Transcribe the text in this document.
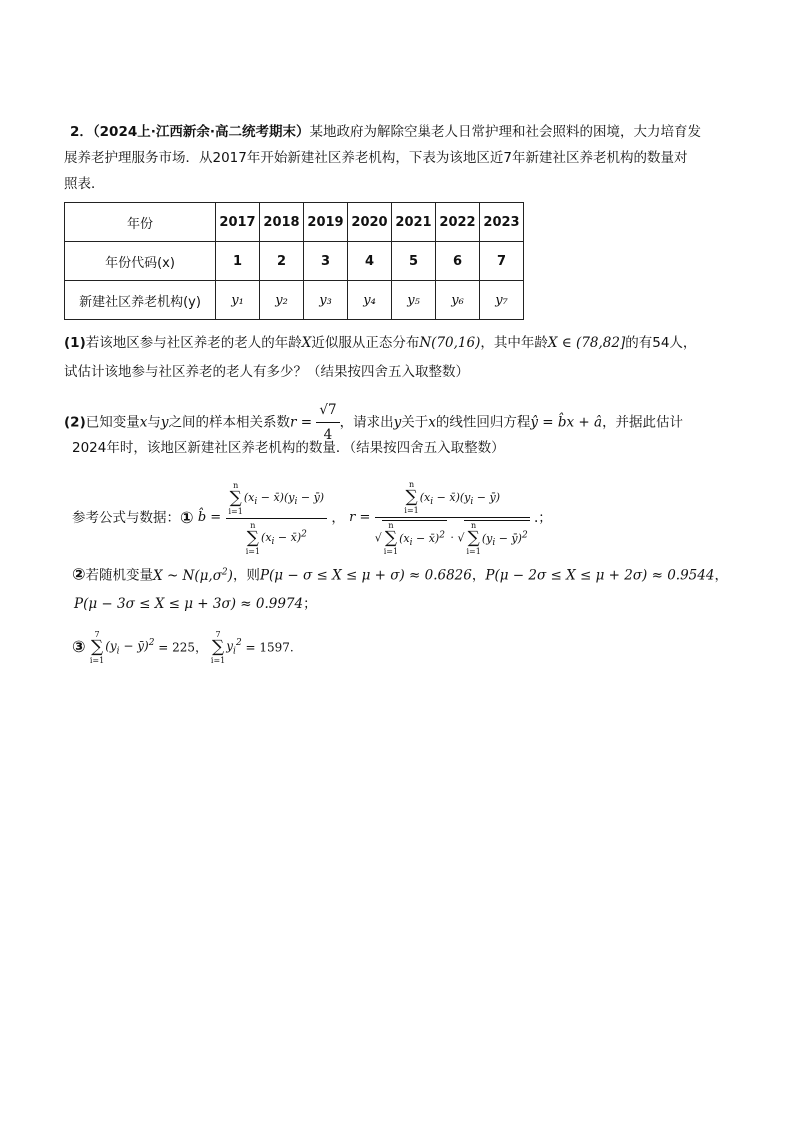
2．（2024上·江西新余·高二统考期末）某地政府为解除空巢老人日常护理和社会照料的困境，大力培育发
展养老护理服务市场．从2017年开始新建社区养老机构，下表为该地区近7年新建社区养老机构的数量对
照表．
年份	2017	2018	2019	2020	2021	2022	2023
年份代码(x)	1	2	3	4	5	6	7
新建社区养老机构(y)	y₁	y₂	y₃	y₄	y₅	y₆	y₇
(1)若该地区参与社区养老的老人的年龄X近似服从正态分布N(70,16)，其中年龄X ∈ (78,82]的有54人，
试估计该地参与社区养老的老人有多少？（结果按四舍五入取整数）
(2)已知变量x与y之间的样本相关系数$r = \frac{√7}{4}$ ，请求出y关于x的线性回归方程ŷ = b̂x + â，并据此估计
2024年时，该地区新建社区养老机构的数量．（结果按四舍五入取整数）
参考公式与数据：① b̂ = n
∑
i=1
($x_i$ − $x̄)(y_i$ − ȳ)
n
∑
i=1
($x_i$ − x̄)$^2$ ， r = n
∑
i=1
($x_i$ − $x̄)(y_i$ − ȳ)
√
n
∑
i=1
($x_i$ − x̄)$^2$ · √
n
∑
i=1
($y_i$ − ȳ)$^2$ .；
②若随机变量X ~ $N(\mu,\sigma^2)$，则P(μ − σ ≤ X ≤ μ + σ) ≈ 0.6826，P(μ − 2σ ≤ X ≤ μ + 2σ) ≈ 0.9544，
P(μ − 3σ ≤ X ≤ μ + 3σ) ≈ 0.9974；
③
7
∑
i=1
($y_i$ − ȳ)$^2$ = 225，
7
∑
i=1
$y_i^2 = 1597$.
